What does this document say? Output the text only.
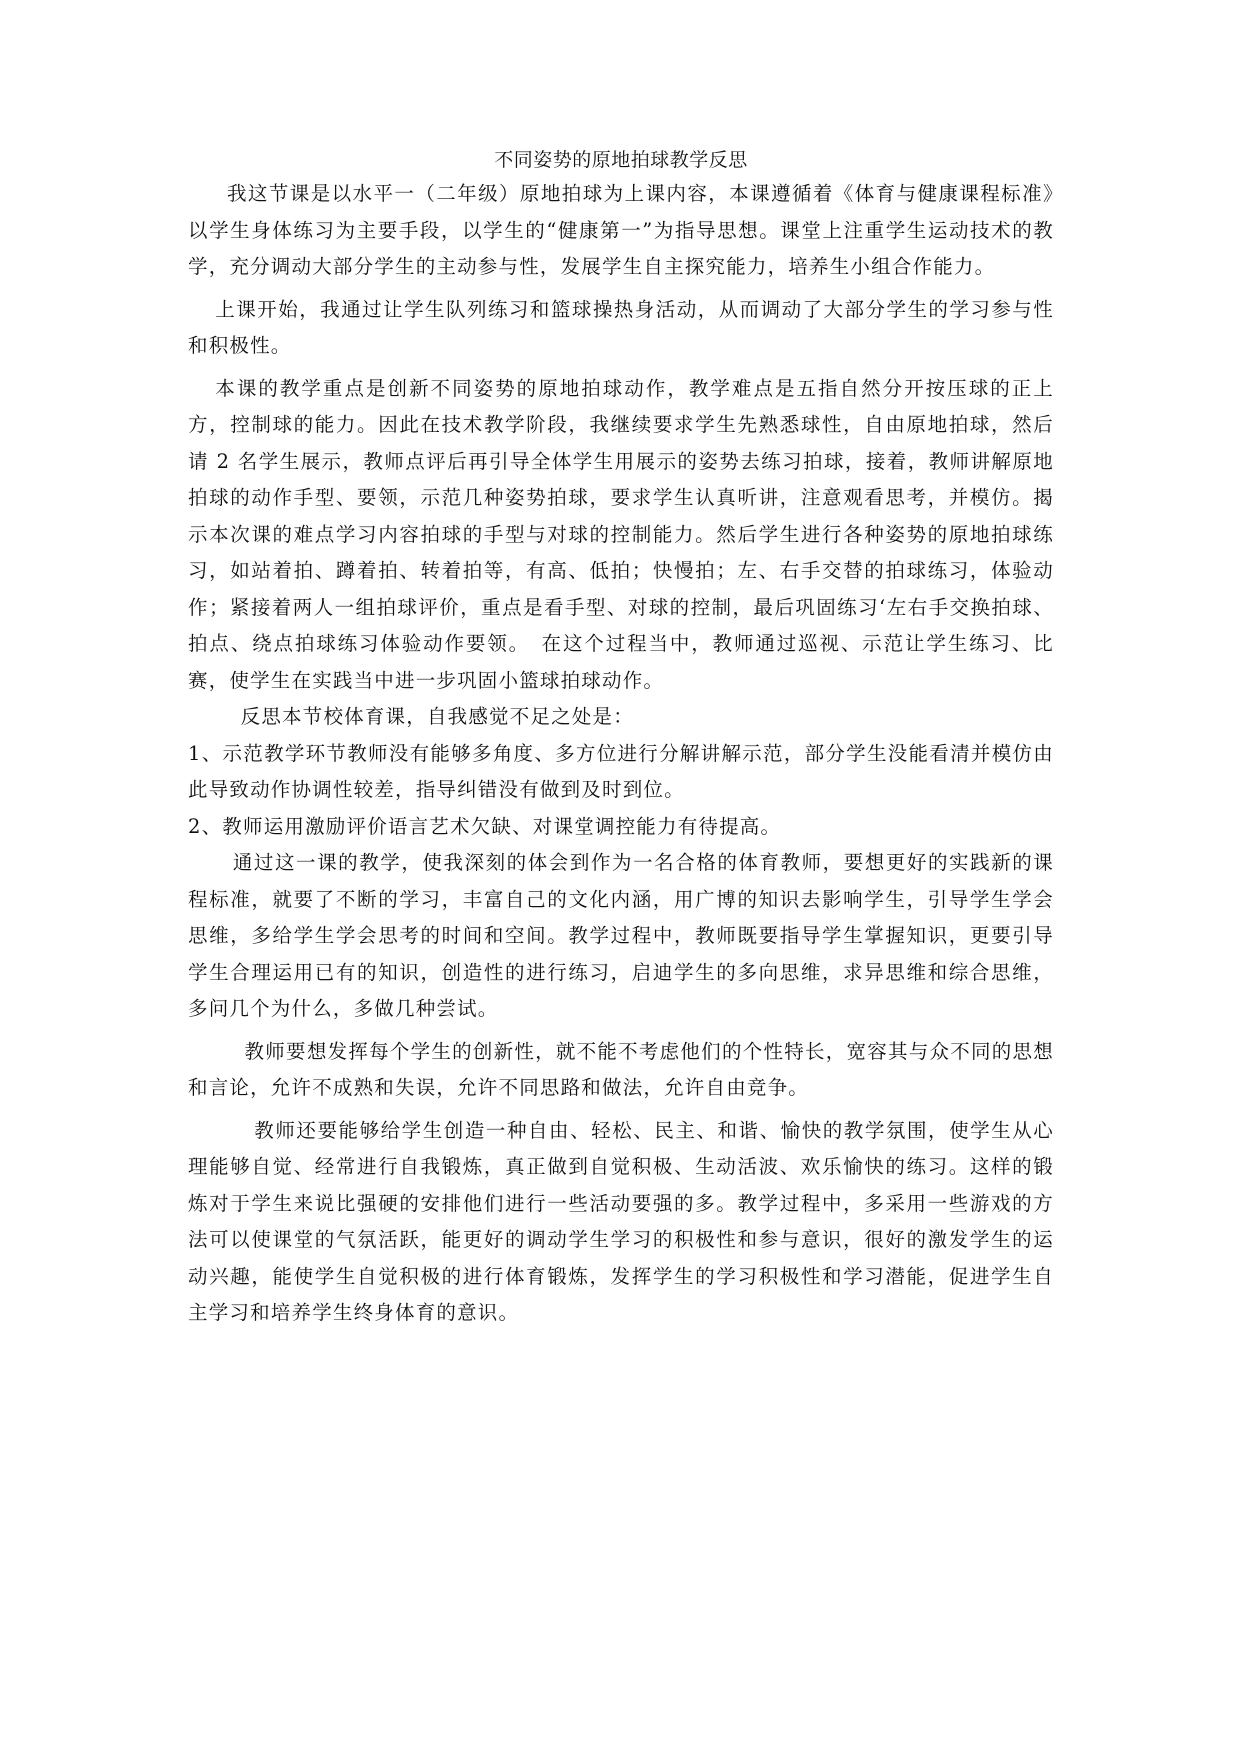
不同姿势的原地拍球教学反思

我这节课是以水平一（二年级）原地拍球为上课内容，本课遵循着《体育与健康课程标准》以学生身体练习为主要手段，以学生的“健康第一”为指导思想。课堂上注重学生运动技术的教学，充分调动大部分学生的主动参与性，发展学生自主探究能力，培养生小组合作能力。

上课开始，我通过让学生队列练习和篮球操热身活动，从而调动了大部分学生的学习参与性和积极性。

本课的教学重点是创新不同姿势的原地拍球动作，教学难点是五指自然分开按压球的正上方，控制球的能力。因此在技术教学阶段，我继续要求学生先熟悉球性，自由原地拍球，然后请 2 名学生展示，教师点评后再引导全体学生用展示的姿势去练习拍球，接着，教师讲解原地拍球的动作手型、要领，示范几种姿势拍球，要求学生认真听讲，注意观看思考，并模仿。揭示本次课的难点学习内容拍球的手型与对球的控制能力。然后学生进行各种姿势的原地拍球练习，如站着拍、蹲着拍、转着拍等，有高、低拍；快慢拍；左、右手交替的拍球练习，体验动作；紧接着两人一组拍球评价，重点是看手型、对球的控制，最后巩固练习‘左右手交换拍球、拍点、绕点拍球练习体验动作要领。　在这个过程当中，教师通过巡视、示范让学生练习、比赛，使学生在实践当中进一步巩固小篮球拍球动作。

反思本节校体育课，自我感觉不足之处是：

1、示范教学环节教师没有能够多角度、多方位进行分解讲解示范，部分学生没能看清并模仿由此导致动作协调性较差，指导纠错没有做到及时到位。

2、教师运用激励评价语言艺术欠缺、对课堂调控能力有待提高。

通过这一课的教学，使我深刻的体会到作为一名合格的体育教师，要想更好的实践新的课程标准，就要了不断的学习，丰富自己的文化内涵，用广博的知识去影响学生，引导学生学会思维，多给学生学会思考的时间和空间。教学过程中，教师既要指导学生掌握知识，更要引导学生合理运用已有的知识，创造性的进行练习，启迪学生的多向思维，求异思维和综合思维，多问几个为什么，多做几种尝试。

教师要想发挥每个学生的创新性，就不能不考虑他们的个性特长，宽容其与众不同的思想和言论，允许不成熟和失误，允许不同思路和做法，允许自由竞争。

教师还要能够给学生创造一种自由、轻松、民主、和谐、愉快的教学氛围，使学生从心理能够自觉、经常进行自我锻炼，真正做到自觉积极、生动活波、欢乐愉快的练习。这样的锻炼对于学生来说比强硬的安排他们进行一些活动要强的多。教学过程中，多采用一些游戏的方法可以使课堂的气氛活跃，能更好的调动学生学习的积极性和参与意识，很好的激发学生的运动兴趣，能使学生自觉积极的进行体育锻炼，发挥学生的学习积极性和学习潜能，促进学生自主学习和培养学生终身体育的意识。
